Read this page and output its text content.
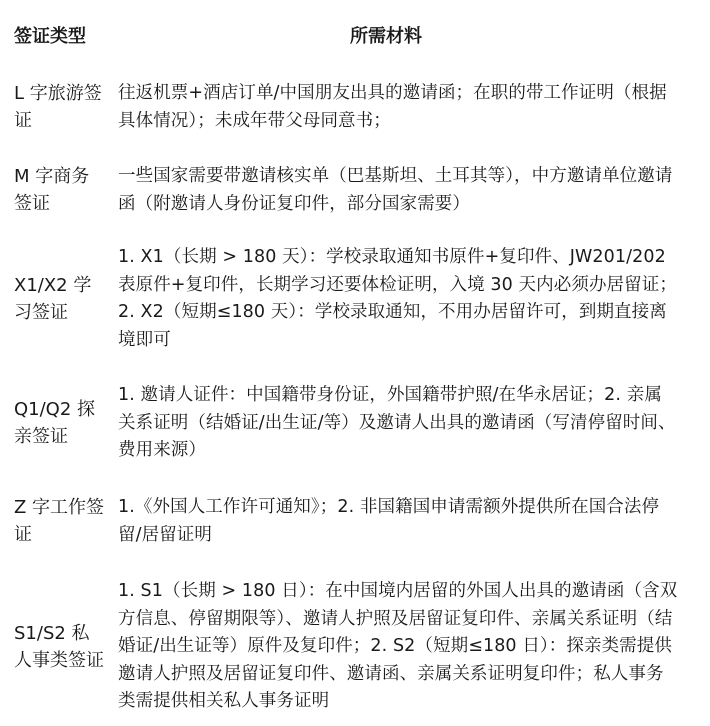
签证类型	所需材料
L 字旅游签证
往返机票+酒店订单/中国朋友出具的邀请函；在职的带工作证明（根据具体情况）；未成年带父母同意书；
M 字商务签证
一些国家需要带邀请核实单（巴基斯坦、土耳其等），中方邀请单位邀请函（附邀请人身份证复印件，部分国家需要）
X1/X2 学习签证
1. X1（长期 > 180 天）：学校录取通知书原件+复印件、JW201/202 表原件+复印件，长期学习还要体检证明，入境 30 天内必须办居留证；2. X2（短期≤180 天）：学校录取通知，不用办居留许可，到期直接离境即可
Q1/Q2 探亲签证
1. 邀请人证件：中国籍带身份证，外国籍带护照/在华永居证；2. 亲属关系证明（结婚证/出生证/等）及邀请人出具的邀请函（写清停留时间、费用来源）
Z 字工作签证
1.《外国人工作许可通知》；2. 非国籍国申请需额外提供所在国合法停留/居留证明
S1/S2 私人事类签证
1. S1（长期 > 180 日）：在中国境内居留的外国人出具的邀请函（含双方信息、停留期限等）、邀请人护照及居留证复印件、亲属关系证明（结婚证/出生证等）原件及复印件；2. S2（短期≤180 日）：探亲类需提供邀请人护照及居留证复印件、邀请函、亲属关系证明复印件；私人事务类需提供相关私人事务证明
